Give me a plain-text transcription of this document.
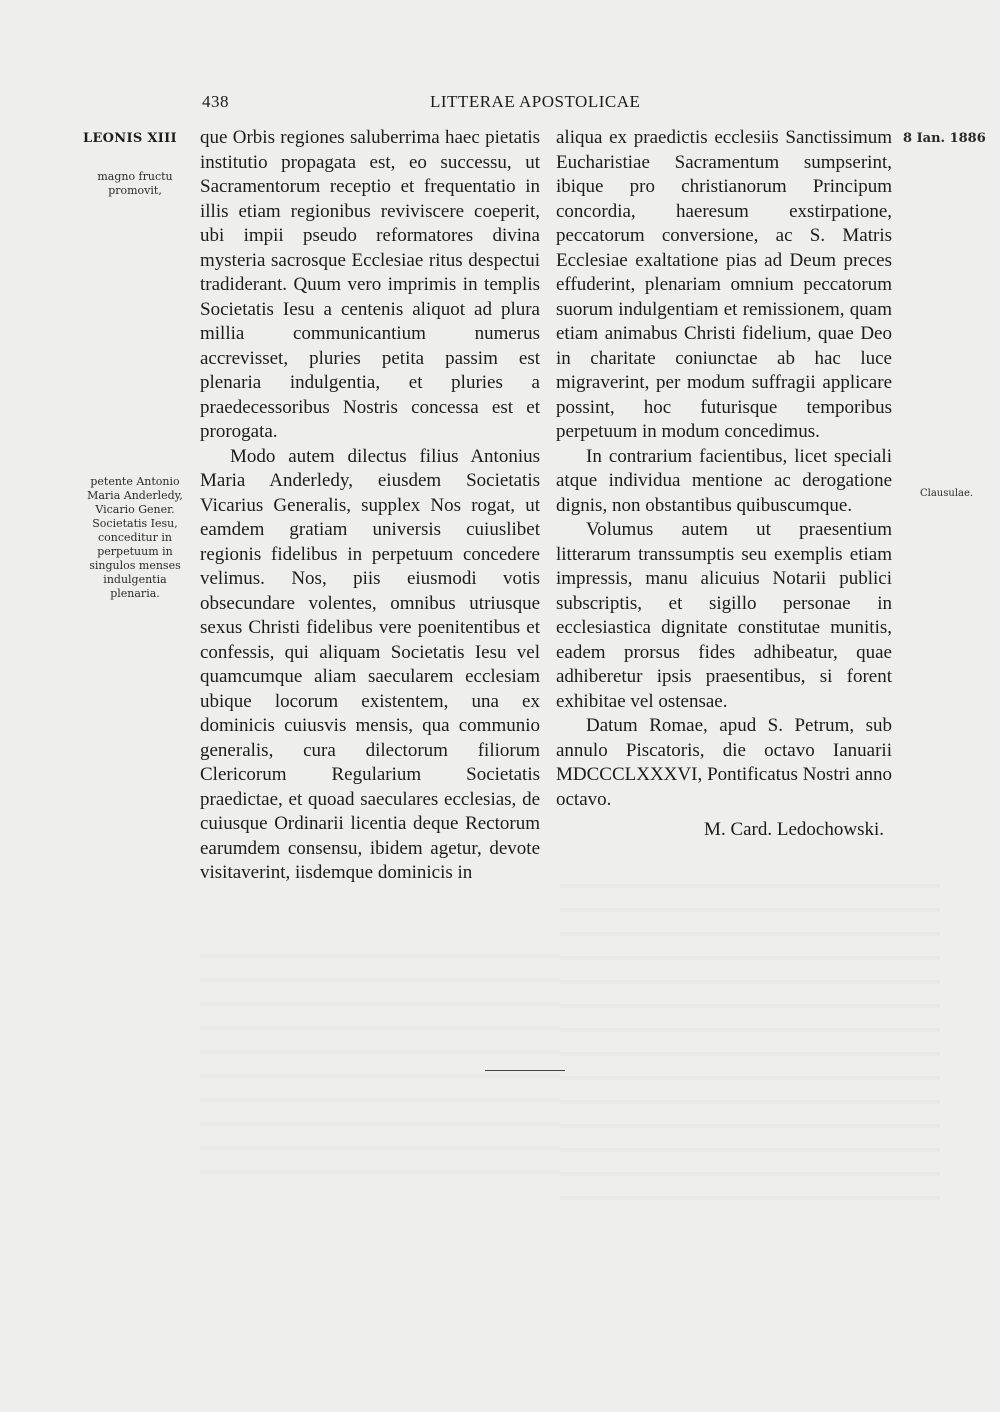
438	LITTERAE APOSTOLICAE
LEONIS XIII
magno fructu promovit,
petente Antonio Maria Anderledy, Vicario Gener. Societatis Iesu, conceditur in perpetuum in singulos menses indulgentia plenaria.
8 Ian. 1886
Clausulae.

que Orbis regiones saluberrima haec pietatis institutio propagata est, eo successu, ut Sacramentorum receptio et frequentatio in illis etiam regionibus reviviscere coeperit, ubi impii pseudo reformatores divina mysteria sacrosque Ecclesiae ritus despectui tradiderant. Quum vero imprimis in templis Societatis Iesu a centenis aliquot ad plura millia communicantium numerus accrevisset, pluries petita passim est plenaria indulgentia, et pluries a praedecessoribus Nostris concessa est et prorogata.

Modo autem dilectus filius Antonius Maria Anderledy, eiusdem Societatis Vicarius Generalis, supplex Nos rogat, ut eamdem gratiam universis cuiuslibet regionis fidelibus in perpetuum concedere velimus. Nos, piis eiusmodi votis obsecundare volentes, omnibus utriusque sexus Christi fidelibus vere poenitentibus et confessis, qui aliquam Societatis Iesu vel quamcumque aliam saecularem ecclesiam ubique locorum existentem, una ex dominicis cuiusvis mensis, qua communio generalis, cura dilectorum filiorum Clericorum Regularium Societatis praedictae, et quoad saeculares ecclesias, de cuiusque Ordinarii licentia deque Rectorum earumdem consensu, ibidem agetur, devote visitaverint, iisdemque dominicis in

aliqua ex praedictis ecclesiis Sanctissimum Eucharistiae Sacramentum sumpserint, ibique pro christianorum Principum concordia, haeresum exstirpatione, peccatorum conversione, ac S. Matris Ecclesiae exaltatione pias ad Deum preces effuderint, plenariam omnium peccatorum suorum indulgentiam et remissionem, quam etiam animabus Christi fidelium, quae Deo in charitate coniunctae ab hac luce migraverint, per modum suffragii applicare possint, hoc futurisque temporibus perpetuum in modum concedimus.

In contrarium facientibus, licet speciali atque individua mentione ac derogatione dignis, non obstantibus quibuscumque.

Volumus autem ut praesentium litterarum transsumptis seu exemplis etiam impressis, manu alicuius Notarii publici subscriptis, et sigillo personae in ecclesiastica dignitate constitutae munitis, eadem prorsus fides adhibeatur, quae adhiberetur ipsis praesentibus, si forent exhibitae vel ostensae.

Datum Romae, apud S. Petrum, sub annulo Piscatoris, die octavo Ianuarii MDCCCLXXXVI, Pontificatus Nostri anno octavo.

M. Card. Ledochowski.
